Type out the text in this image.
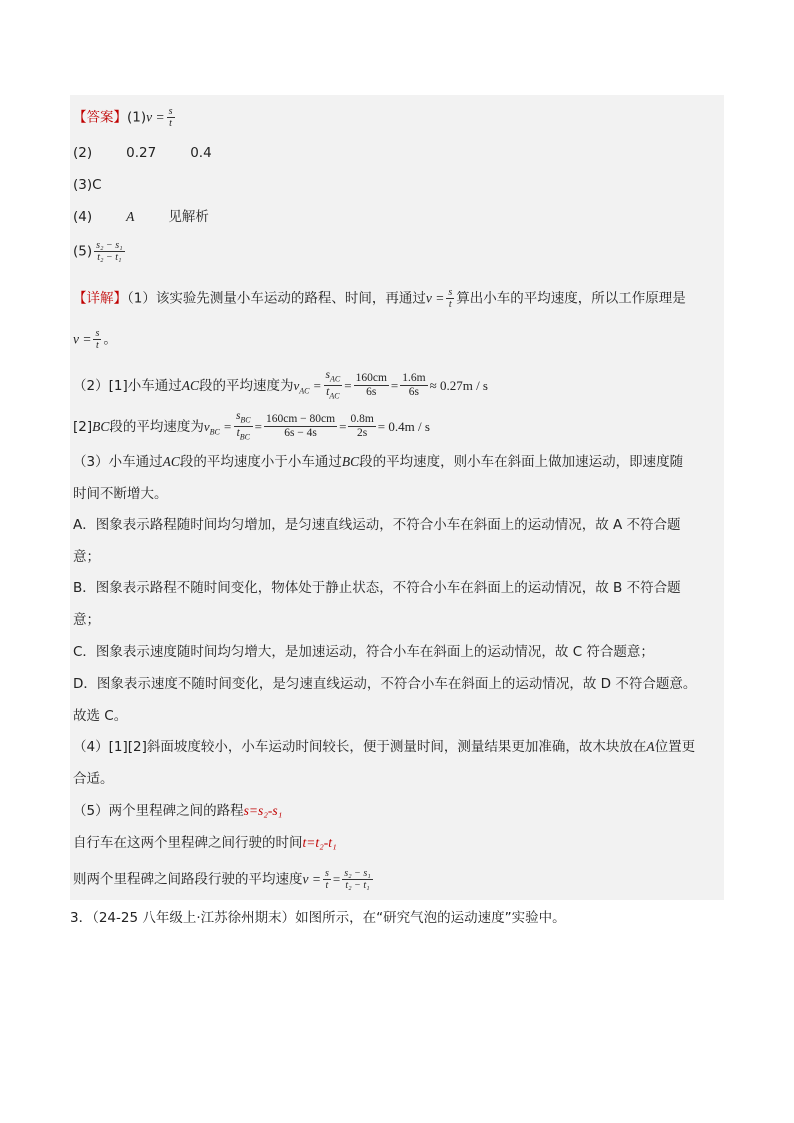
【答案】$(1)v = \frac{s}{t}$
(2)	0.27	0.4
(3)C
(4)	A	见解析
$(5) \frac{\text{s₂ − s₁}}{\text{t₂ − t₁}}$
【详解】（1）该实验先测量小车运动的路程、时间，再通过$v = \frac{s}{t}$ 算出小车的平均速度，所以工作原理是
$v = \frac{s}{t}$ 。
（2）[1]小车通过AC段的平均速度为$v_{AC} = \frac{s_{AC}}{t_{AC}} = \frac{160cm}{6s} = \frac{1.6m}{6s} \approx 0.27m / s$
[2]BC段的平均速度为$v_{BC} = \frac{s_{BC}}{t_{BC}} = \frac{160cm - 80cm}{6s - 4s} = \frac{0.8m}{2s} = 0.4m / s$
（3）小车通过AC段的平均速度小于小车通过BC段的平均速度，则小车在斜面上做加速运动，即速度随
时间不断增大。
A．图象表示路程随时间均匀增加，是匀速直线运动，不符合小车在斜面上的运动情况，故 A 不符合题
意；
B．图象表示路程不随时间变化，物体处于静止状态，不符合小车在斜面上的运动情况，故 B 不符合题
意；
C．图象表示速度随时间均匀增大，是加速运动，符合小车在斜面上的运动情况，故 C 符合题意；
D．图象表示速度不随时间变化，是匀速直线运动，不符合小车在斜面上的运动情况，故 D 不符合题意。
故选 C。
（4）[1][2]斜面坡度较小，小车运动时间较长，便于测量时间，测量结果更加准确，故木块放在A位置更
合适。
（5）两个里程碑之间的路程s=s₂-s₁
自行车在这两个里程碑之间行驶的时间t=t₂-t₁
则两个里程碑之间路段行驶的平均速度$v = \frac{s}{t} = \frac{\text{s₂ − s₁}}{\text{t₂ − t₁}}$
3．（24-25 八年级上·江苏徐州期末）如图所示，在“研究气泡的运动速度”实验中。
